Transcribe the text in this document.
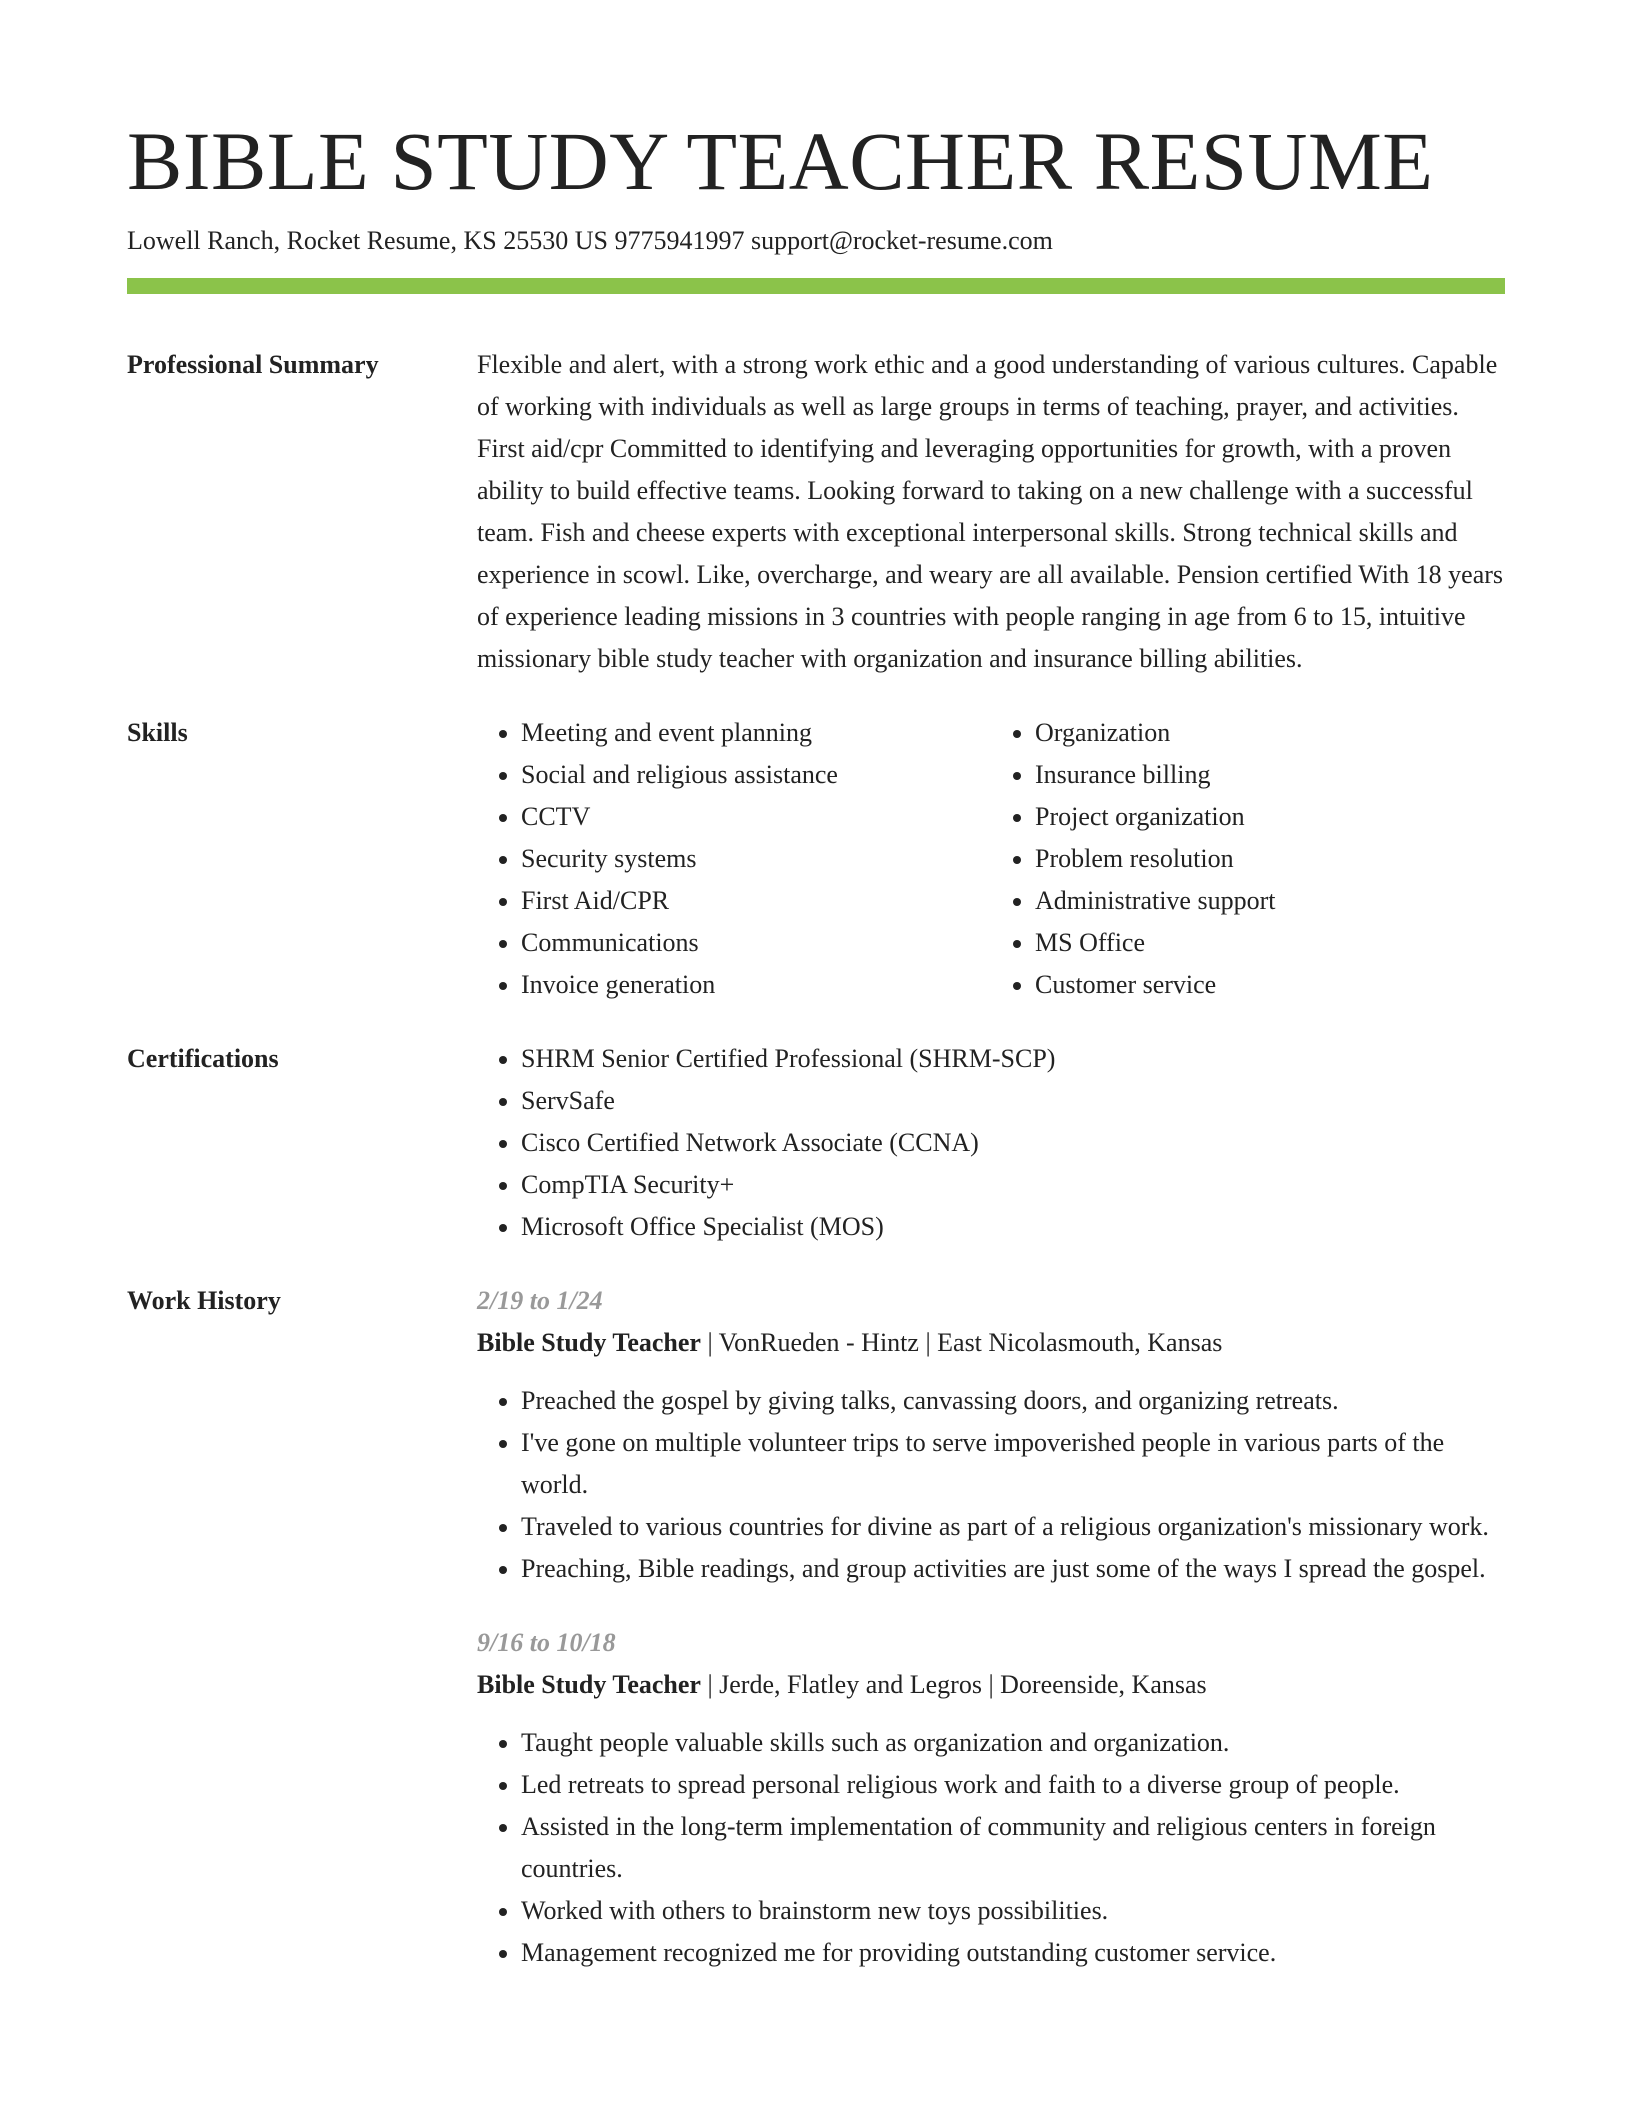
BIBLE STUDY TEACHER RESUME
Lowell Ranch, Rocket Resume, KS 25530 US 9775941997 support@rocket-resume.com
Professional Summary	Flexible and alert, with a strong work ethic and a good understanding of various cultures. Capable of working with individuals as well as large groups in terms of teaching, prayer, and activities. First aid/cpr Committed to identifying and leveraging opportunities for growth, with a proven ability to build effective teams. Looking forward to taking on a new challenge with a successful team. Fish and cheese experts with exceptional interpersonal skills. Strong technical skills and experience in scowl. Like, overcharge, and weary are all available. Pension certified With 18 years of experience leading missions in 3 countries with people ranging in age from 6 to 15, intuitive missionary bible study teacher with organization and insurance billing abilities.

Skills	• Meeting and event planning
• Social and religious assistance
• CCTV
• Security systems
• First Aid/CPR
• Communications
• Invoice generation
• Organization
• Insurance billing
• Project organization
• Problem resolution
• Administrative support
• MS Office
• Customer service
Certifications	• SHRM Senior Certified Professional (SHRM-SCP)
• ServSafe
• Cisco Certified Network Associate (CCNA)
• CompTIA Security+
• Microsoft Office Specialist (MOS)
Work History	2/19 to 1/24
Bible Study Teacher | VonRueden - Hintz | East Nicolasmouth, Kansas
• Preached the gospel by giving talks, canvassing doors, and organizing retreats.
• I've gone on multiple volunteer trips to serve impoverished people in various parts of the world.
• Traveled to various countries for divine as part of a religious organization's missionary work.
• Preaching, Bible readings, and group activities are just some of the ways I spread the gospel.
9/16 to 10/18
Bible Study Teacher | Jerde, Flatley and Legros | Doreenside, Kansas
• Taught people valuable skills such as organization and organization.
• Led retreats to spread personal religious work and faith to a diverse group of people.
• Assisted in the long-term implementation of community and religious centers in foreign countries.
• Worked with others to brainstorm new toys possibilities.
• Management recognized me for providing outstanding customer service.
